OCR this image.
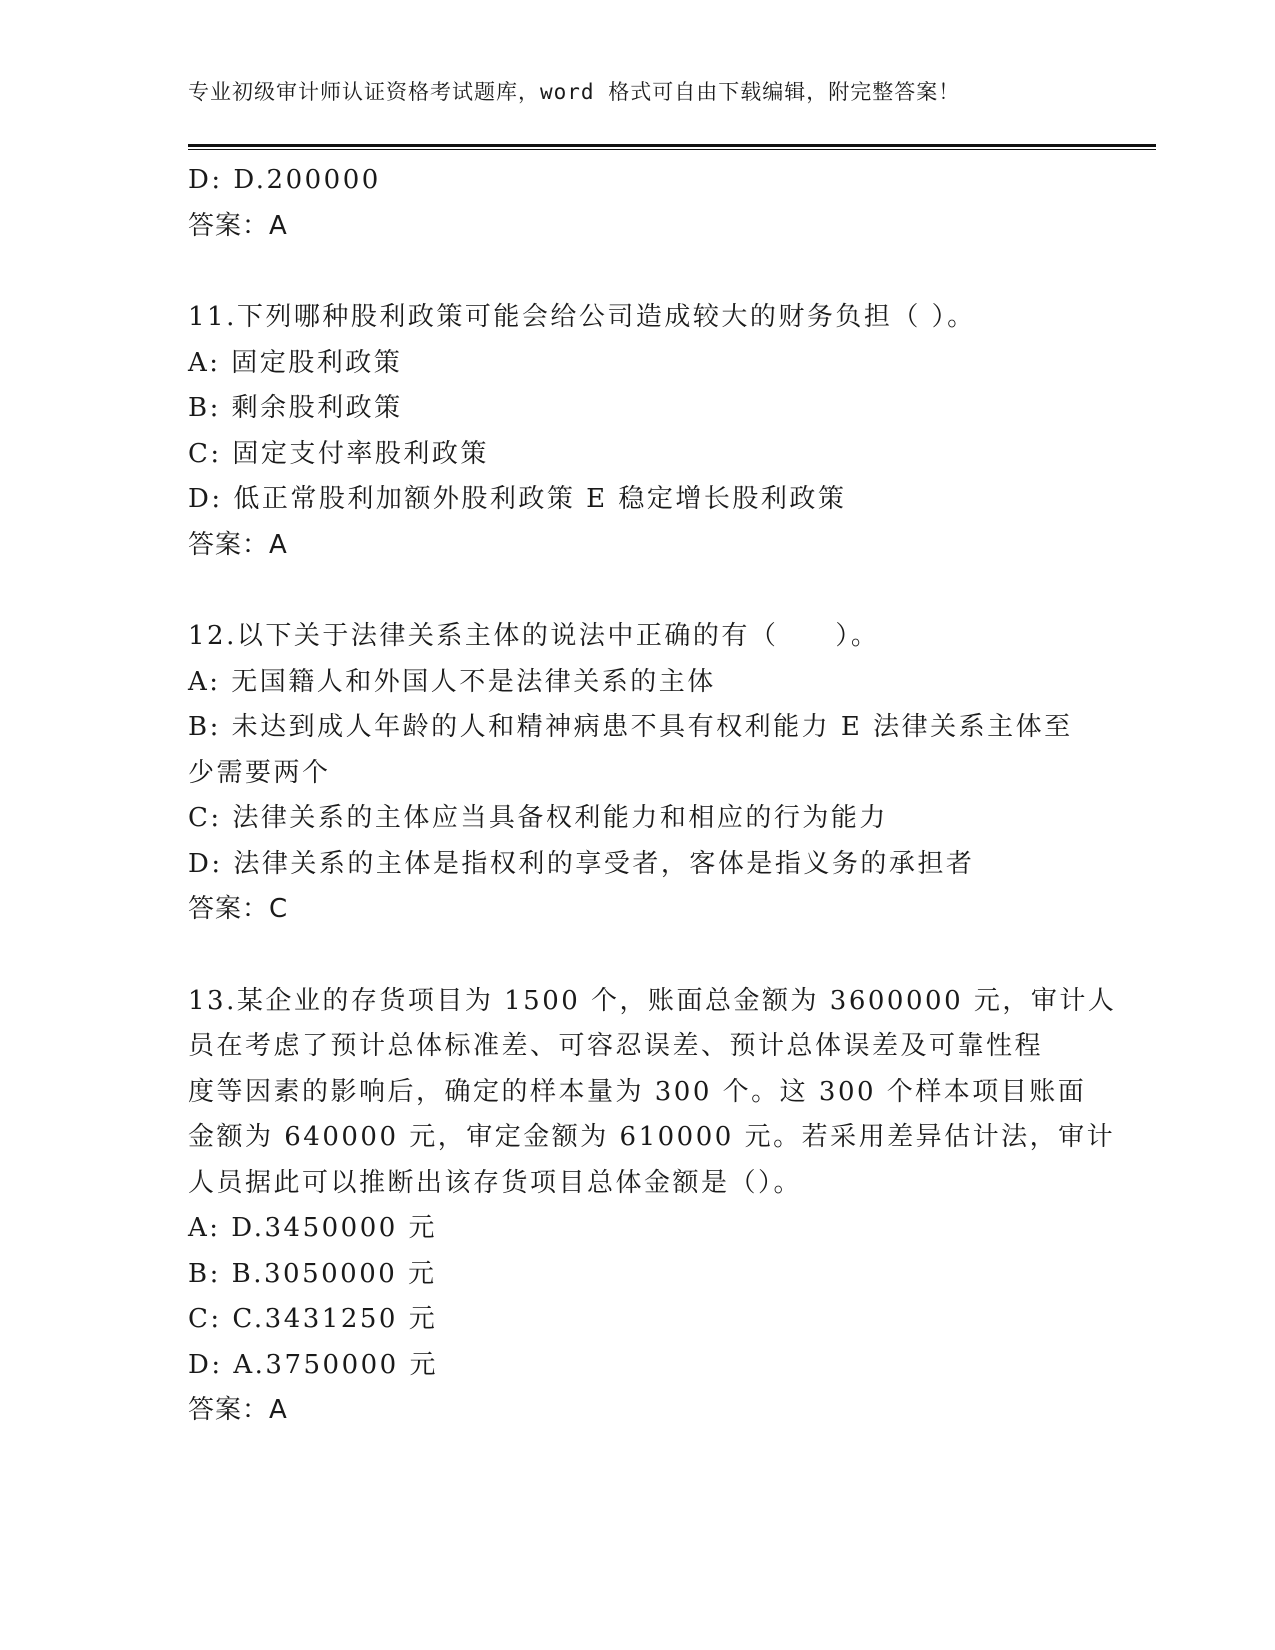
专业初级审计师认证资格考试题库，word 格式可自由下载编辑，附完整答案！
D: D.200000
答案：A
11.下列哪种股利政策可能会给公司造成较大的财务负担（ ）。
A: 固定股利政策
B: 剩余股利政策
C: 固定支付率股利政策
D: 低正常股利加额外股利政策 E 稳定增长股利政策
答案：A
12.以下关于法律关系主体的说法中正确的有（　　）。
A: 无国籍人和外国人不是法律关系的主体
B: 未达到成人年龄的人和精神病患不具有权利能力 E 法律关系主体至
少需要两个
C: 法律关系的主体应当具备权利能力和相应的行为能力
D: 法律关系的主体是指权利的享受者，客体是指义务的承担者
答案：C
13.某企业的存货项目为 1500 个，账面总金额为 3600000 元，审计人
员在考虑了预计总体标准差、可容忍误差、预计总体误差及可靠性程
度等因素的影响后，确定的样本量为 300 个。这 300 个样本项目账面
金额为 640000 元，审定金额为 610000 元。若采用差异估计法，审计
人员据此可以推断出该存货项目总体金额是（）。
A: D.3450000 元
B: B.3050000 元
C: C.3431250 元
D: A.3750000 元
答案：A
